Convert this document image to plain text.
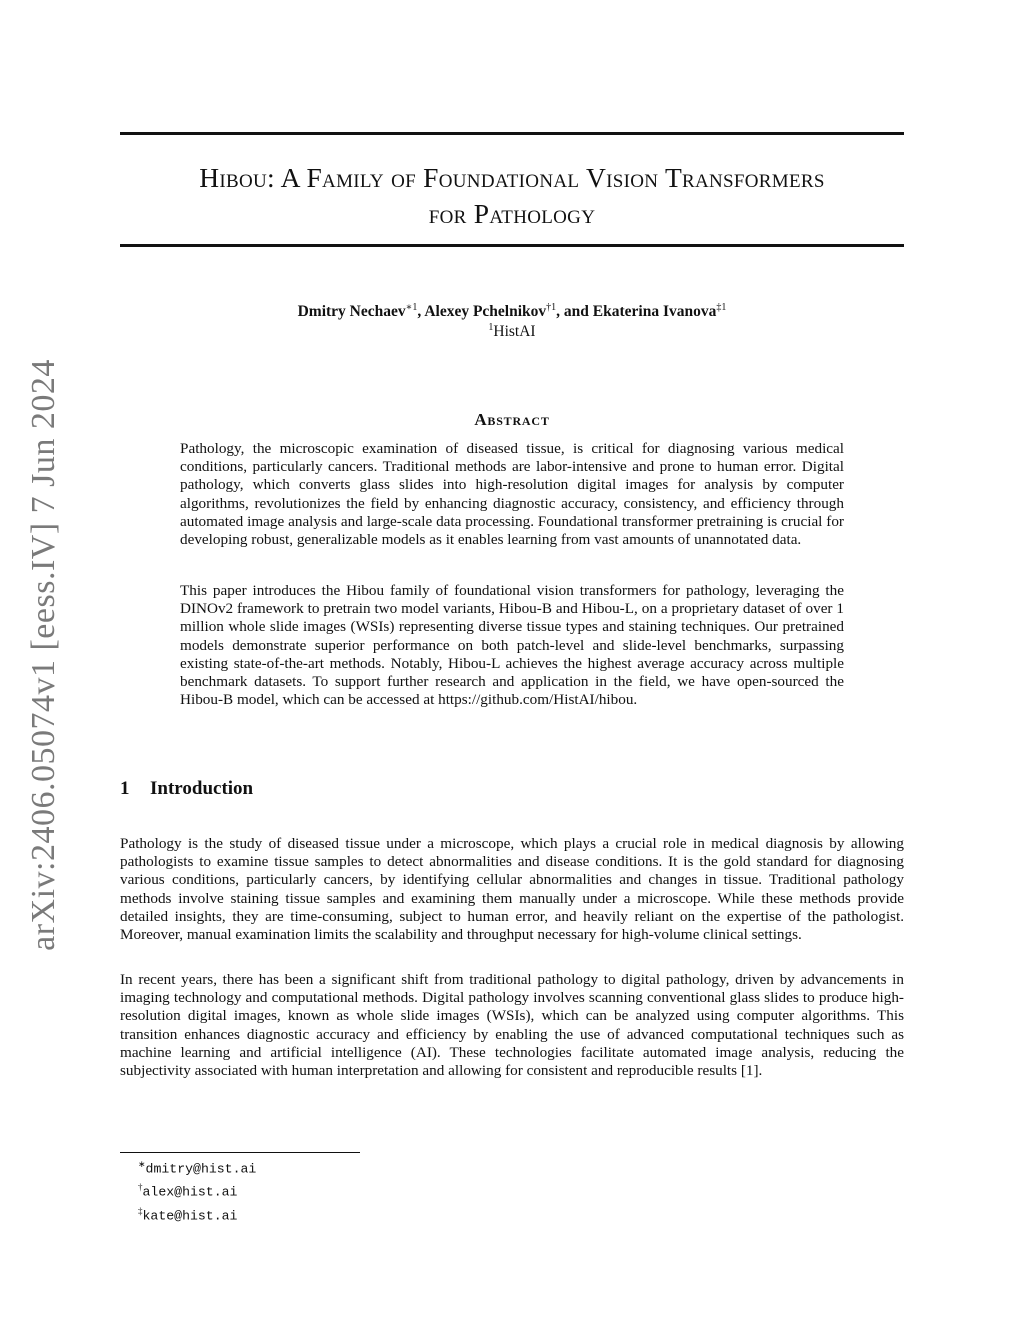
arXiv:2406.05074v1 [eess.IV] 7 Jun 2024
Hibou: A Family of Foundational Vision Transformers
for Pathology
Dmitry Nechaev$^{∗1}$, Alexey Pchelnikov$^{\dagger 1}$, and Ekaterina Ivanova$^{\ddagger 1}$
$^1$HistAI
Abstract

Pathology, the microscopic examination of diseased tissue, is critical for diagnosing various medical conditions, particularly cancers. Traditional methods are labor-intensive and prone to human error. Digital pathology, which converts glass slides into high-resolution digital images for analysis by computer algorithms, revolutionizes the field by enhancing diagnostic accuracy, consistency, and efficiency through automated image analysis and large-scale data processing. Foundational transformer pretraining is crucial for developing robust, generalizable models as it enables learning from vast amounts of unannotated data.

This paper introduces the Hibou family of foundational vision transformers for pathology, leveraging the DINOv2 framework to pretrain two model variants, Hibou-B and Hibou-L, on a proprietary dataset of over 1 million whole slide images (WSIs) representing diverse tissue types and staining techniques. Our pretrained models demonstrate superior performance on both patch-level and slide-level benchmarks, surpassing existing state-of-the-art methods. Notably, Hibou-L achieves the highest average accuracy across multiple benchmark datasets. To support further research and application in the field, we have open-sourced the Hibou-B model, which can be accessed at https://github.com/HistAI/hibou.

1 Introduction

Pathology is the study of diseased tissue under a microscope, which plays a crucial role in medical diagnosis by allowing pathologists to examine tissue samples to detect abnormalities and disease conditions. It is the gold standard for diagnosing various conditions, particularly cancers, by identifying cellular abnormalities and changes in tissue. Traditional pathology methods involve staining tissue samples and examining them manually under a microscope. While these methods provide detailed insights, they are time-consuming, subject to human error, and heavily reliant on the expertise of the pathologist. Moreover, manual examination limits the scalability and throughput necessary for high-volume clinical settings.

In recent years, there has been a significant shift from traditional pathology to digital pathology, driven by advancements in imaging technology and computational methods. Digital pathology involves scanning conventional glass slides to produce high-resolution digital images, known as whole slide images (WSIs), which can be analyzed using computer algorithms. This transition enhances diagnostic accuracy and efficiency by enabling the use of advanced computational techniques such as machine learning and artificial intelligence (AI). These technologies facilitate automated image analysis, reducing the subjectivity associated with human interpretation and allowing for consistent and reproducible results [1].

∗dmitry@hist.ai
†alex@hist.ai
‡kate@hist.ai
